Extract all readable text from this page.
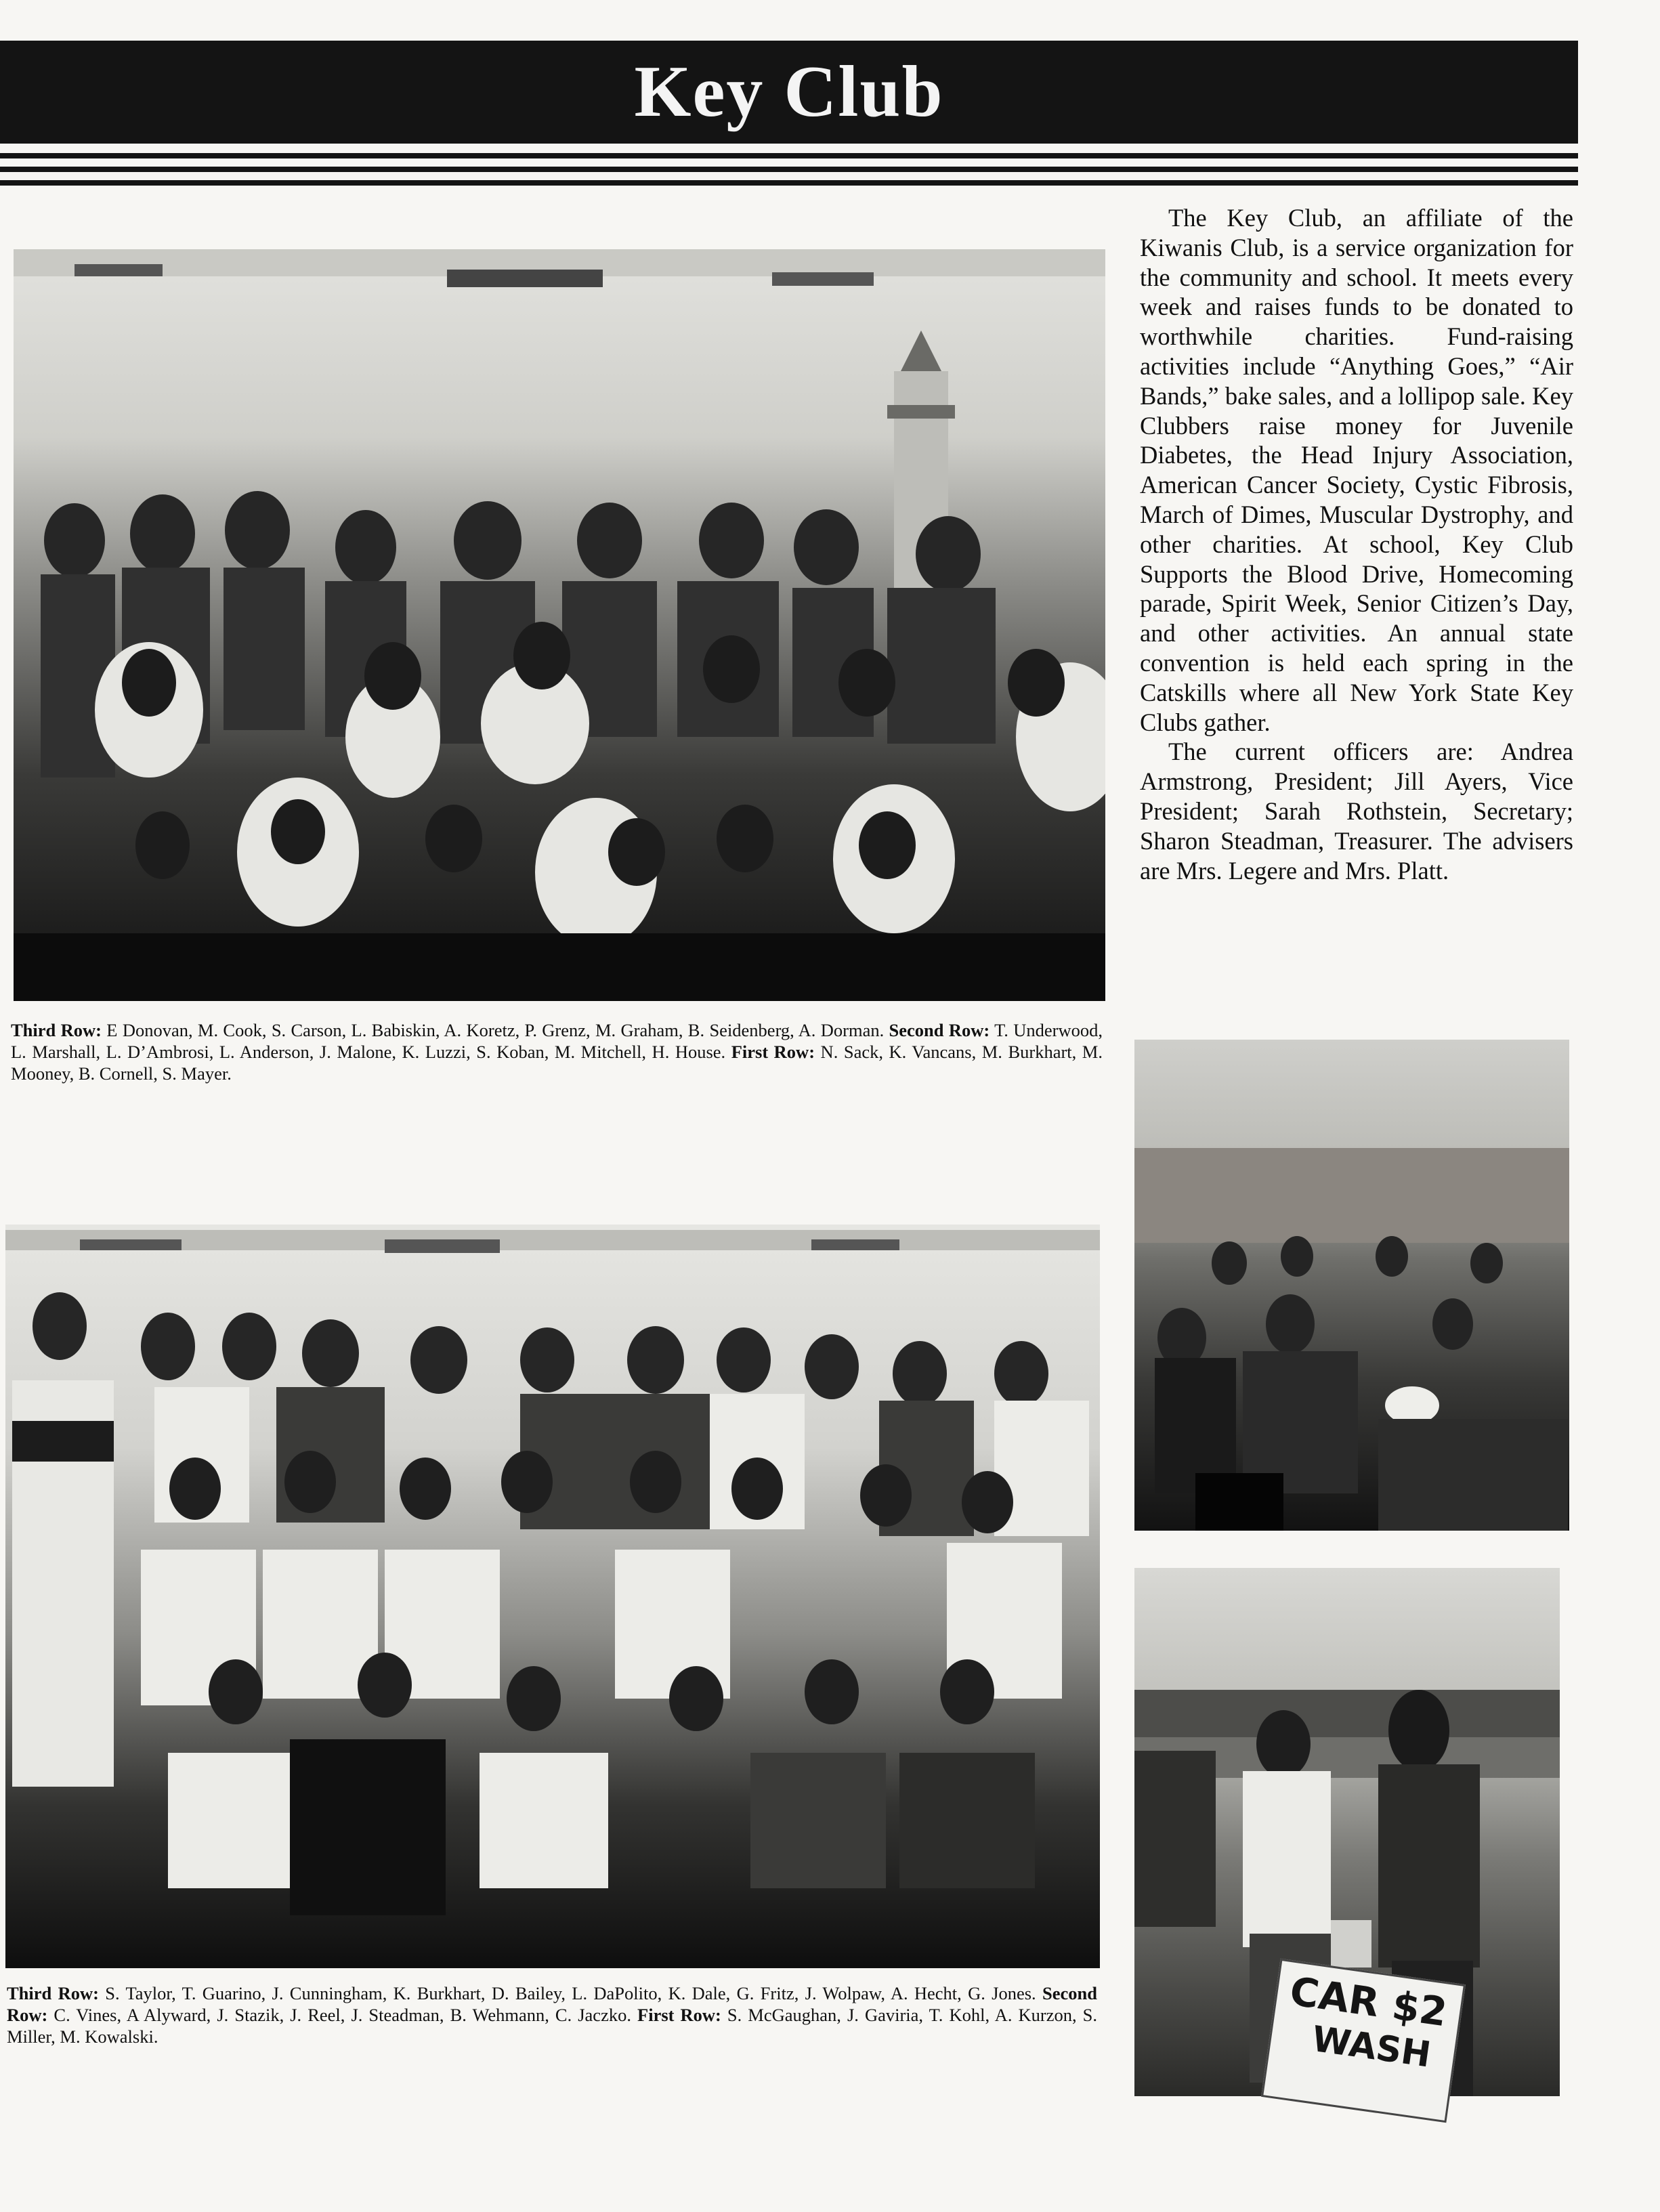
Key Club

The Key Club, an affiliate of the Kiwanis Club, is a service organization for the community and school. It meets every week and raises funds to be donated to worthwhile charities. Fund-raising activities include “Anything Goes,” “Air Bands,” bake sales, and a lollipop sale. Key Clubbers raise money for Juvenile Diabetes, the Head Injury Association, American Cancer Society, Cystic Fibrosis, March of Dimes, Muscular Dystrophy, and other charities. At school, Key Club Supports the Blood Drive, Homecoming parade, Spirit Week, Senior Citizen’s Day, and other activities. An annual state convention is held each spring in the Catskills where all New York State Key Clubs gather.

The current officers are: Andrea Armstrong, President; Jill Ayers, Vice President; Sarah Rothstein, Secretary; Sharon Steadman, Treasurer. The advisers are Mrs. Legere and Mrs. Platt.

Third Row: E Donovan, M. Cook, S. Carson, L. Babiskin, A. Koretz, P. Grenz, M. Graham, B. Seidenberg, A. Dorman. Second Row: T. Underwood, L. Marshall, L. D’Ambrosi, L. Anderson, J. Malone, K. Luzzi, S. Koban, M. Mitchell, H. House. First Row: N. Sack, K. Vancans, M. Burkhart, M. Mooney, B. Cornell, S. Mayer.
Third Row: S. Taylor, T. Guarino, J. Cunningham, K. Burkhart, D. Bailey, L. DaPolito, K. Dale, G. Fritz, J. Wolpaw, A. Hecht, G. Jones. Second Row: C. Vines, A Alyward, J. Stazik, J. Reel, J. Steadman, B. Wehmann, C. Jaczko. First Row: S. McGaughan, J. Gaviria, T. Kohl, A. Kurzon, S. Miller, M. Kowalski.
CAR $2
WASH
